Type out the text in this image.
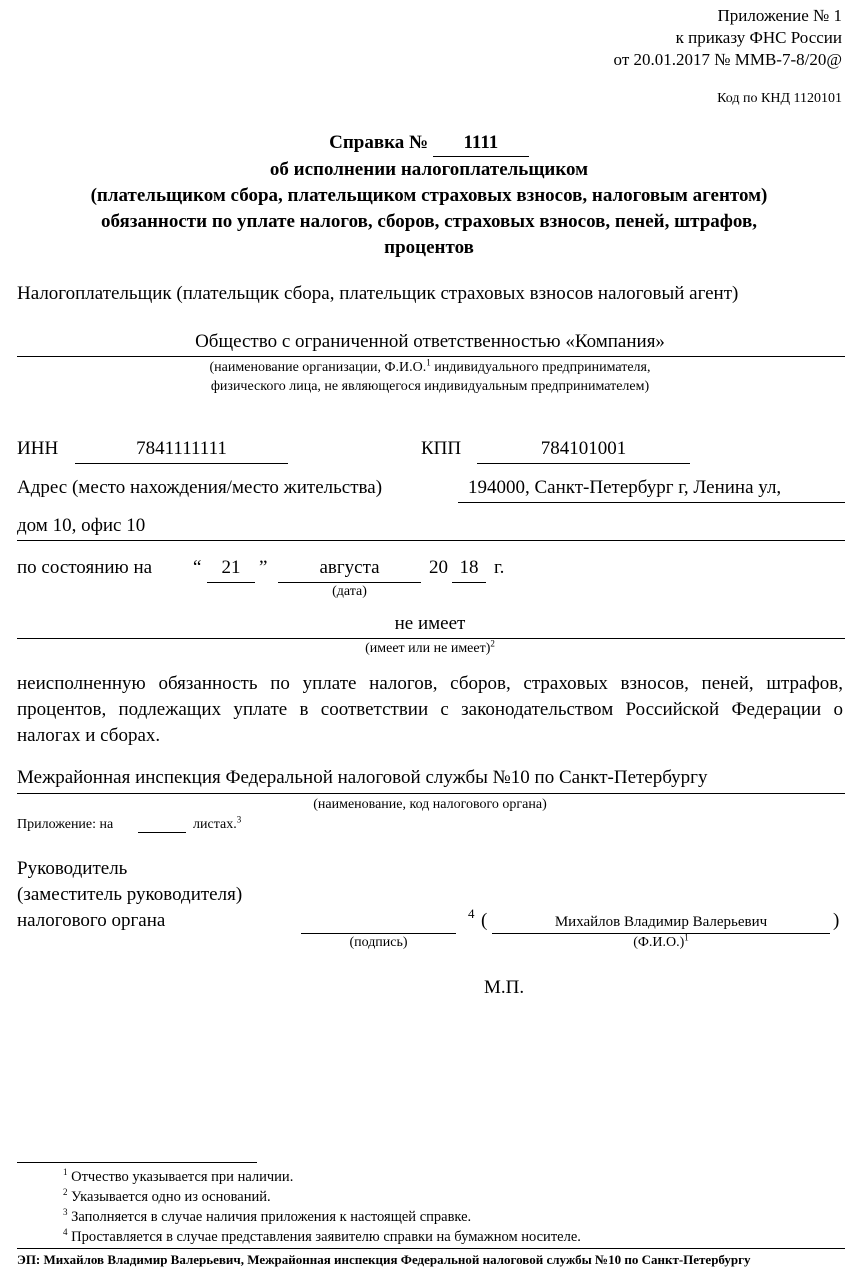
Приложение № 1
к приказу ФНС России
от 20.01.2017 № ММВ-7-8/20@
Код по КНД 1120101
Справка № 1111
об исполнении налогоплательщиком
(плательщиком сбора, плательщиком страховых взносов, налоговым агентом)
обязанности по уплате налогов, сборов, страховых взносов, пеней, штрафов,
процентов
Налогоплательщик (плательщик сбора, плательщик страховых взносов налоговый агент)
Общество с ограниченной ответственностью «Компания»
(наименование организации, Ф.И.О.$^1$ индивидуального предпринимателя,
физического лица, не являющегося индивидуальным предпринимателем)
ИНН	7841111111	КПП	784101001
Адрес (место нахождения/место жительства)	194000, Санкт-Петербург г, Ленина ул,
дом 10, офис 10
по состоянию на “	21 ”	августа	20 18 г.
(дата)
не имеет
(имеет или не имеет)$^2$
неисполненную обязанность по уплате налогов, сборов, страховых взносов, пеней, штрафов, процентов, подлежащих уплате в соответствии с законодательством Российской Федерации о налогах и сборах.
Межрайонная инспекция Федеральной налоговой службы №10 по Санкт-Петербургу
(наименование, код налогового органа)
Приложение: на	листах.$^3$
Руководитель
(заместитель руководителя)
налогового органа	4 (	Михайлов Владимир Валерьевич	)
(подпись)	$(Ф.И.О.)^1$
М.П.
$^1$ Отчество указывается при наличии.
$^2$ Указывается одно из оснований.
$^3$ Заполняется в случае наличия приложения к настоящей справке.
$^4$ Проставляется в случае представления заявителю справки на бумажном носителе.
ЭП: Михайлов Владимир Валерьевич, Межрайонная инспекция Федеральной налоговой службы №10 по Санкт-Петербургу
